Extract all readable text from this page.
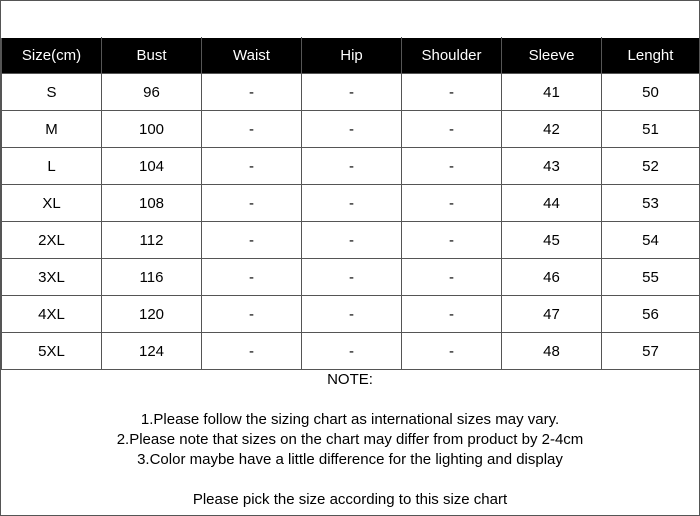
Size(cm)	Bust	Waist	Hip	Shoulder	Sleeve	Lenght
S	96	-	-	-	41	50
M	100	-	-	-	42	51
L	104	-	-	-	43	52
XL	108	-	-	-	44	53
2XL	112	-	-	-	45	54
3XL	116	-	-	-	46	55
4XL	120	-	-	-	47	56
5XL	124	-	-	-	48	57
NOTE:
1.Please follow the sizing chart as international sizes may vary.
2.Please note that sizes on the chart may differ from product by 2-4cm
3.Color maybe have a little difference for the lighting and display
Please pick the size according to this size chart
